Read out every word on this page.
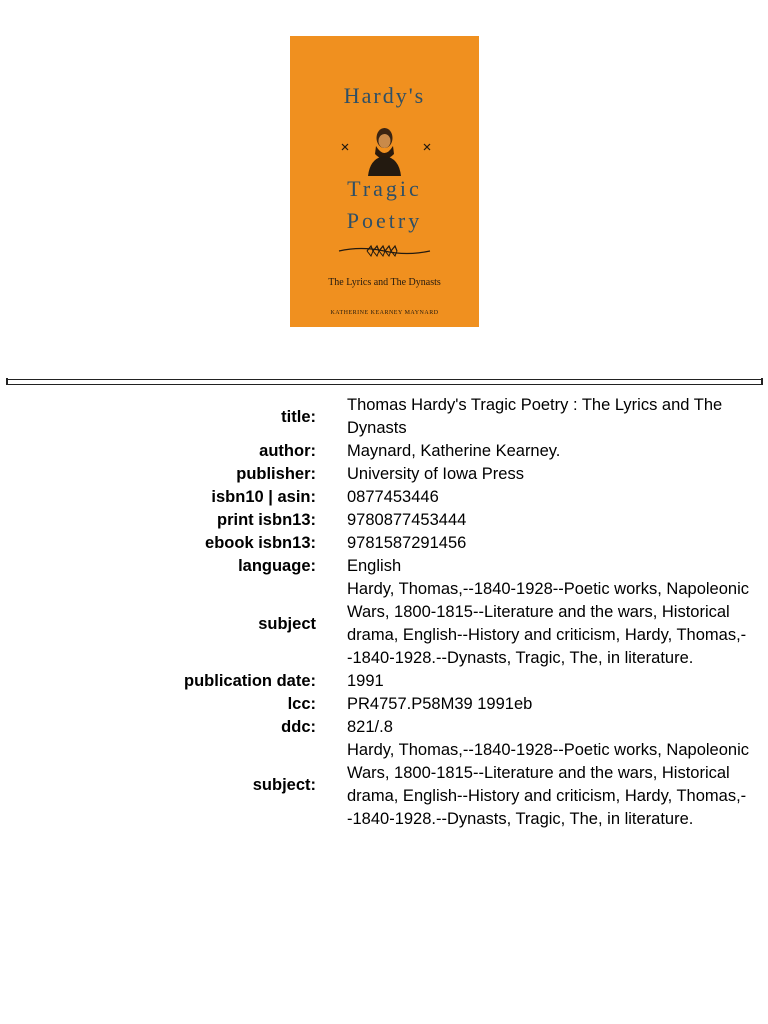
Hardy's
Tragic
Poetry
The Lyrics and The Dynasts
KATHERINE KEARNEY MAYNARD
title:
Thomas Hardy's Tragic Poetry : The Lyrics and The Dynasts
author: Maynard, Katherine Kearney.
publisher: University of Iowa Press
isbn10 | asin: 0877453446
print isbn13: 9780877453444
ebook isbn13: 9781587291456
language: English
subject
Hardy, Thomas,--1840-1928--Poetic works, Napoleonic Wars, 1800-1815--Literature and the wars, Historical drama, English--History and criticism, Hardy, Thomas,--1840-1928.--Dynasts, Tragic, The, in literature.
publication date: 1991
lcc: PR4757.P58M39 1991eb
ddc: 821/.8
subject:
Hardy, Thomas,--1840-1928--Poetic works, Napoleonic Wars, 1800-1815--Literature and the wars, Historical drama, English--History and criticism, Hardy, Thomas,--1840-1928.--Dynasts, Tragic, The, in literature.
